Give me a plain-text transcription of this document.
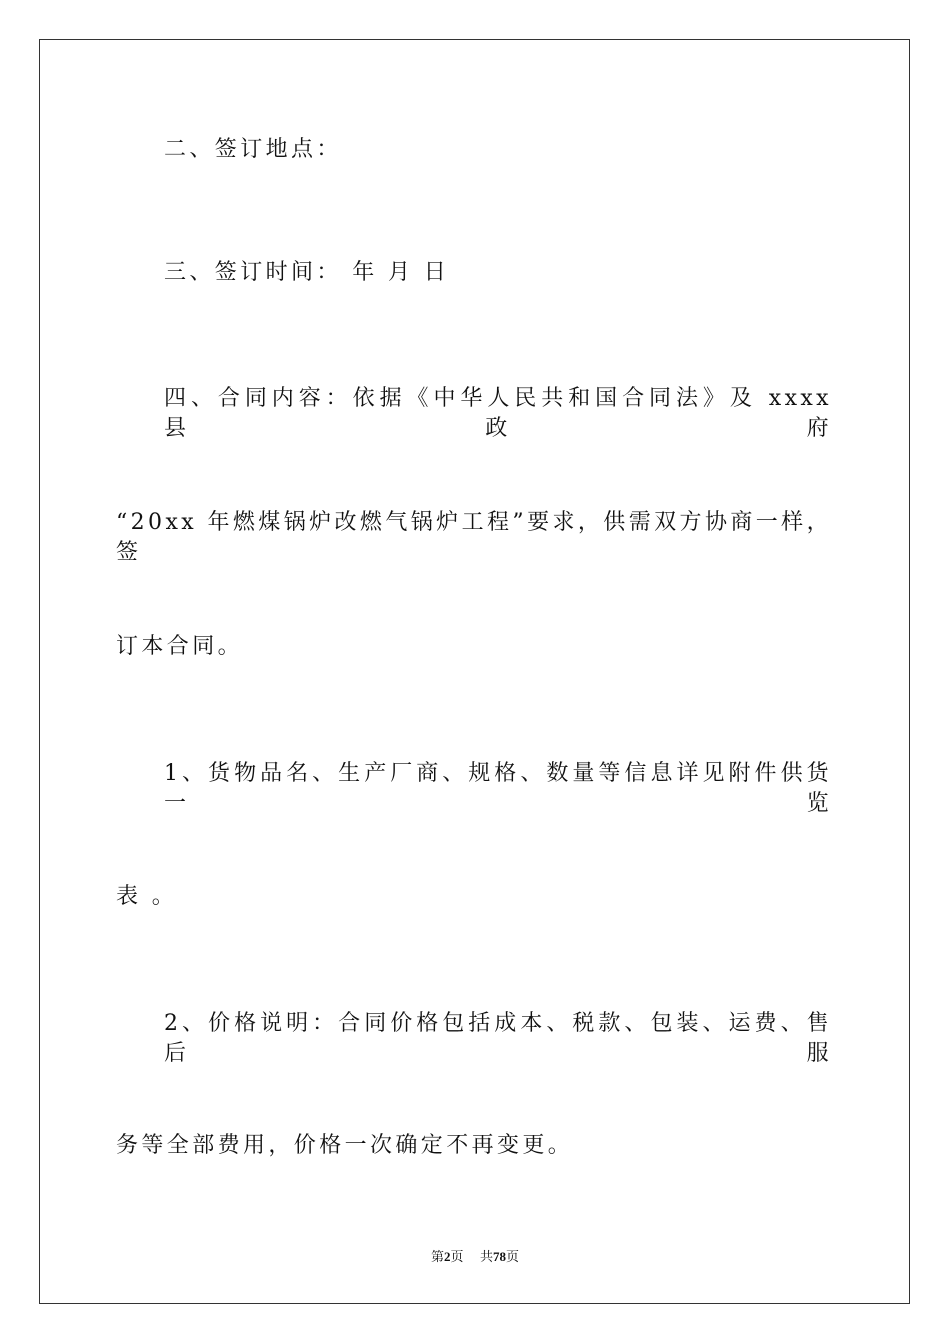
二、签订地点：
三、签订时间： 年 月 日
四、合同内容：依据《中华人民共和国合同法》及 xxxx 县政府
“20xx 年燃煤锅炉改燃气锅炉工程”要求，供需双方协商一样，签
订本合同。
1、货物品名、生产厂商、规格、数量等信息详见附件供货一览
表 。
2、价格说明：合同价格包括成本、税款、包装、运费、售后服
务等全部费用，价格一次确定不再变更。
第2页 共78页
